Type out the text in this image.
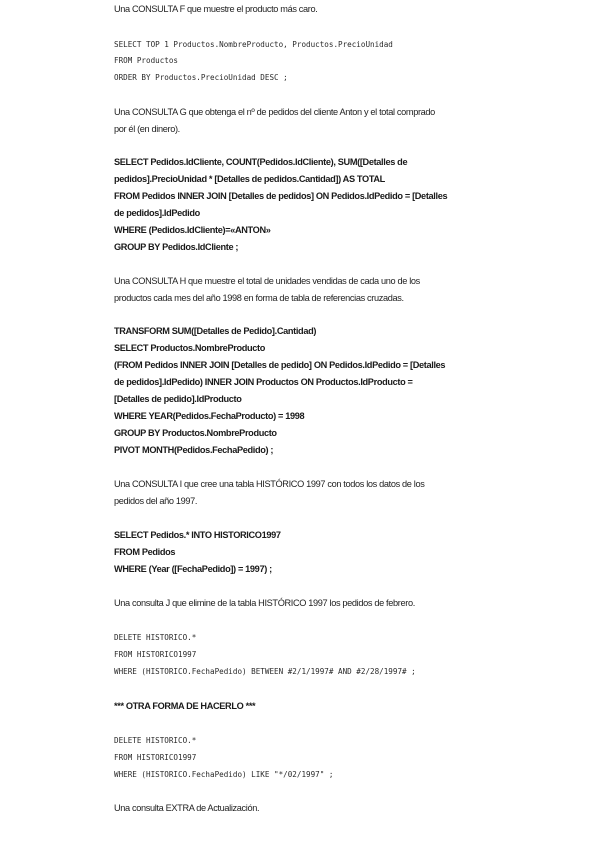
Una CONSULTA F que muestre el producto más caro.
SELECT TOP 1 Productos.NombreProducto, Productos.PrecioUnidad
FROM Productos
ORDER BY Productos.PrecioUnidad DESC ;
Una CONSULTA G que obtenga el nº de pedidos del cliente Anton y el total comprado
por él (en dinero).
SELECT Pedidos.IdCliente, COUNT(Pedidos.IdCliente), SUM([Detalles de
pedidos].PrecioUnidad * [Detalles de pedidos.Cantidad]) AS TOTAL
FROM Pedidos INNER JOIN [Detalles de pedidos] ON Pedidos.IdPedido = [Detalles
de pedidos].IdPedido
WHERE (Pedidos.IdCliente)=«ANTON»
GROUP BY Pedidos.IdCliente ;
Una CONSULTA H que muestre el total de unidades vendidas de cada uno de los
productos cada mes del año 1998 en forma de tabla de referencias cruzadas.
TRANSFORM SUM([Detalles de Pedido].Cantidad)
SELECT Productos.NombreProducto
(FROM Pedidos INNER JOIN [Detalles de pedido] ON Pedidos.IdPedido = [Detalles
de pedidos].IdPedido) INNER JOIN Productos ON Productos.IdProducto =
[Detalles de pedido].IdProducto
WHERE YEAR(Pedidos.FechaProducto) = 1998
GROUP BY Productos.NombreProducto
PIVOT MONTH(Pedidos.FechaPedido) ;
Una CONSULTA I que cree una tabla HISTÓRICO 1997 con todos los datos de los
pedidos del año 1997.
SELECT Pedidos.* INTO HISTORICO1997
FROM Pedidos
WHERE (Year ([FechaPedido]) = 1997) ;
Una consulta J que elimine de la tabla HISTÓRICO 1997 los pedidos de febrero.
DELETE HISTORICO.*
FROM HISTORICO1997
WHERE (HISTORICO.FechaPedido) BETWEEN #2/1/1997# AND #2/28/1997# ;
*** OTRA FORMA DE HACERLO ***
DELETE HISTORICO.*
FROM HISTORICO1997
WHERE (HISTORICO.FechaPedido) LIKE "*/02/1997" ;
Una consulta EXTRA de Actualización.
